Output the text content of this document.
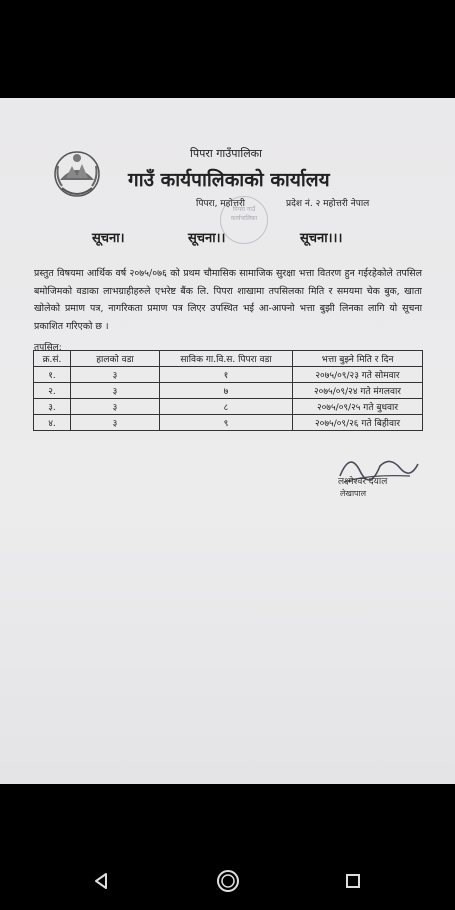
पिपरा गाउँपालिका
गाउँ कार्यपालिकाको कार्यालय
पिपरा, महोत्तरी	प्रदेश नं. २ महोत्तरी नेपाल
पिपरा गाउँ कार्यपालिका
सूचना।	सूचना।।	सूचना।।।
प्रस्तुत विषयमा आर्थिक वर्ष २०७५/०७६ को प्रथम चौमासिक सामाजिक सुरक्षा भत्ता वितरण हुन गईरहेकोले तपसिल बमोजिमको वडाका लाभग्राहीहरुले एभरेष्ट बैंक लि. पिपरा शाखामा तपसिलका मिति र समयमा चेक बुक, खाता खोलेको प्रमाण पत्र, नागरिकता प्रमाण पत्र लिएर उपस्थित भई आ-आफ्नो भत्ता बुझी लिनका लागि यो सूचना प्रकाशित गरिएको छ ।
तपसिल:
क्र.सं.	हालको वडा	साविक गा.वि.स. पिपरा वडा	भत्ता बुझ्ने मिति र दिन
१.	३	१	२०७५/०९/२३ गते सोमवार
२.	३	७	२०७५/०९/२४ गते मंगलवार
३.	३	८	२०७५/०९/२५ गते बुधवार
४.	३	९	२०७५/०९/२६ गते बिहीवार
लक्ष्मेश्वर दयाल
लेखापाल
